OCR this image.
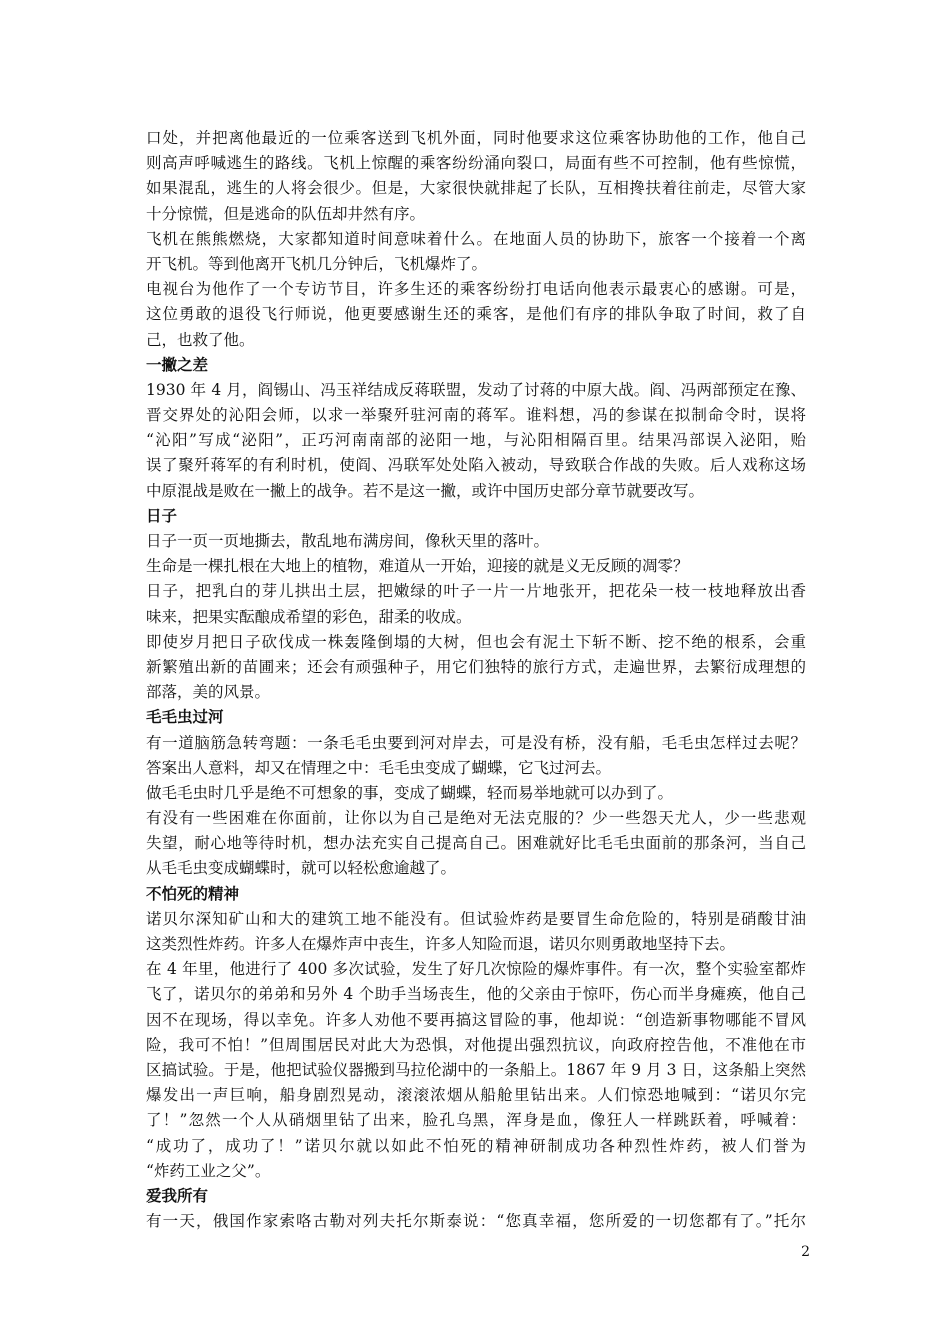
口处，并把离他最近的一位乘客送到飞机外面，同时他要求这位乘客协助他的工作，他自己
则高声呼喊逃生的路线。飞机上惊醒的乘客纷纷涌向裂口，局面有些不可控制，他有些惊慌，
如果混乱，逃生的人将会很少。但是，大家很快就排起了长队，互相搀扶着往前走，尽管大家
十分惊慌，但是逃命的队伍却井然有序。
飞机在熊熊燃烧，大家都知道时间意味着什么。在地面人员的协助下，旅客一个接着一个离
开飞机。等到他离开飞机几分钟后，飞机爆炸了。
电视台为他作了一个专访节目，许多生还的乘客纷纷打电话向他表示最衷心的感谢。可是，
这位勇敢的退役飞行师说，他更要感谢生还的乘客，是他们有序的排队争取了时间，救了自
己，也救了他。
一撇之差
1930 年 4 月，阎锡山、冯玉祥结成反蒋联盟，发动了讨蒋的中原大战。阎、冯两部预定在豫、
晋交界处的沁阳会师，以求一举聚歼驻河南的蒋军。谁料想，冯的参谋在拟制命令时，误将
“沁阳”写成“泌阳”，正巧河南南部的泌阳一地，与沁阳相隔百里。结果冯部误入泌阳，贻
误了聚歼蒋军的有利时机，使阎、冯联军处处陷入被动，导致联合作战的失败。后人戏称这场
中原混战是败在一撇上的战争。若不是这一撇，或许中国历史部分章节就要改写。
日子
日子一页一页地撕去，散乱地布满房间，像秋天里的落叶。
生命是一棵扎根在大地上的植物，难道从一开始，迎接的就是义无反顾的凋零？
日子，把乳白的芽儿拱出土层，把嫩绿的叶子一片一片地张开，把花朵一枝一枝地释放出香
味来，把果实酝酿成希望的彩色，甜柔的收成。
即使岁月把日子砍伐成一株轰隆倒塌的大树，但也会有泥土下斩不断、挖不绝的根系，会重
新繁殖出新的苗圃来；还会有顽强种子，用它们独特的旅行方式，走遍世界，去繁衍成理想的
部落，美的风景。
毛毛虫过河
有一道脑筋急转弯题：一条毛毛虫要到河对岸去，可是没有桥，没有船，毛毛虫怎样过去呢？
答案出人意料，却又在情理之中：毛毛虫变成了蝴蝶，它飞过河去。
做毛毛虫时几乎是绝不可想象的事，变成了蝴蝶，轻而易举地就可以办到了。
有没有一些困难在你面前，让你以为自己是绝对无法克服的？少一些怨天尤人，少一些悲观
失望，耐心地等待时机，想办法充实自己提高自己。困难就好比毛毛虫面前的那条河，当自己
从毛毛虫变成蝴蝶时，就可以轻松愈逾越了。
不怕死的精神
诺贝尔深知矿山和大的建筑工地不能没有。但试验炸药是要冒生命危险的，特别是硝酸甘油
这类烈性炸药。许多人在爆炸声中丧生，许多人知险而退，诺贝尔则勇敢地坚持下去。
在 4 年里，他进行了 400 多次试验，发生了好几次惊险的爆炸事件。有一次，整个实验室都炸
飞了，诺贝尔的弟弟和另外 4 个助手当场丧生，他的父亲由于惊吓，伤心而半身瘫痪，他自己
因不在现场，得以幸免。许多人劝他不要再搞这冒险的事，他却说：“创造新事物哪能不冒风
险，我可不怕！”但周围居民对此大为恐惧，对他提出强烈抗议，向政府控告他，不准他在市
区搞试验。于是，他把试验仪器搬到马拉伦湖中的一条船上。1867 年 9 月 3 日，这条船上突然
爆发出一声巨响，船身剧烈晃动，滚滚浓烟从船舱里钻出来。人们惊恐地喊到：“诺贝尔完
了！”忽然一个人从硝烟里钻了出来，脸孔乌黑，浑身是血，像狂人一样跳跃着，呼喊着：
“成功了，成功了！”诺贝尔就以如此不怕死的精神研制成功各种烈性炸药，被人们誉为
“炸药工业之父”。
爱我所有
有一天，俄国作家索咯古勒对列夫托尔斯泰说：“您真幸福，您所爱的一切您都有了。”托尔
2
